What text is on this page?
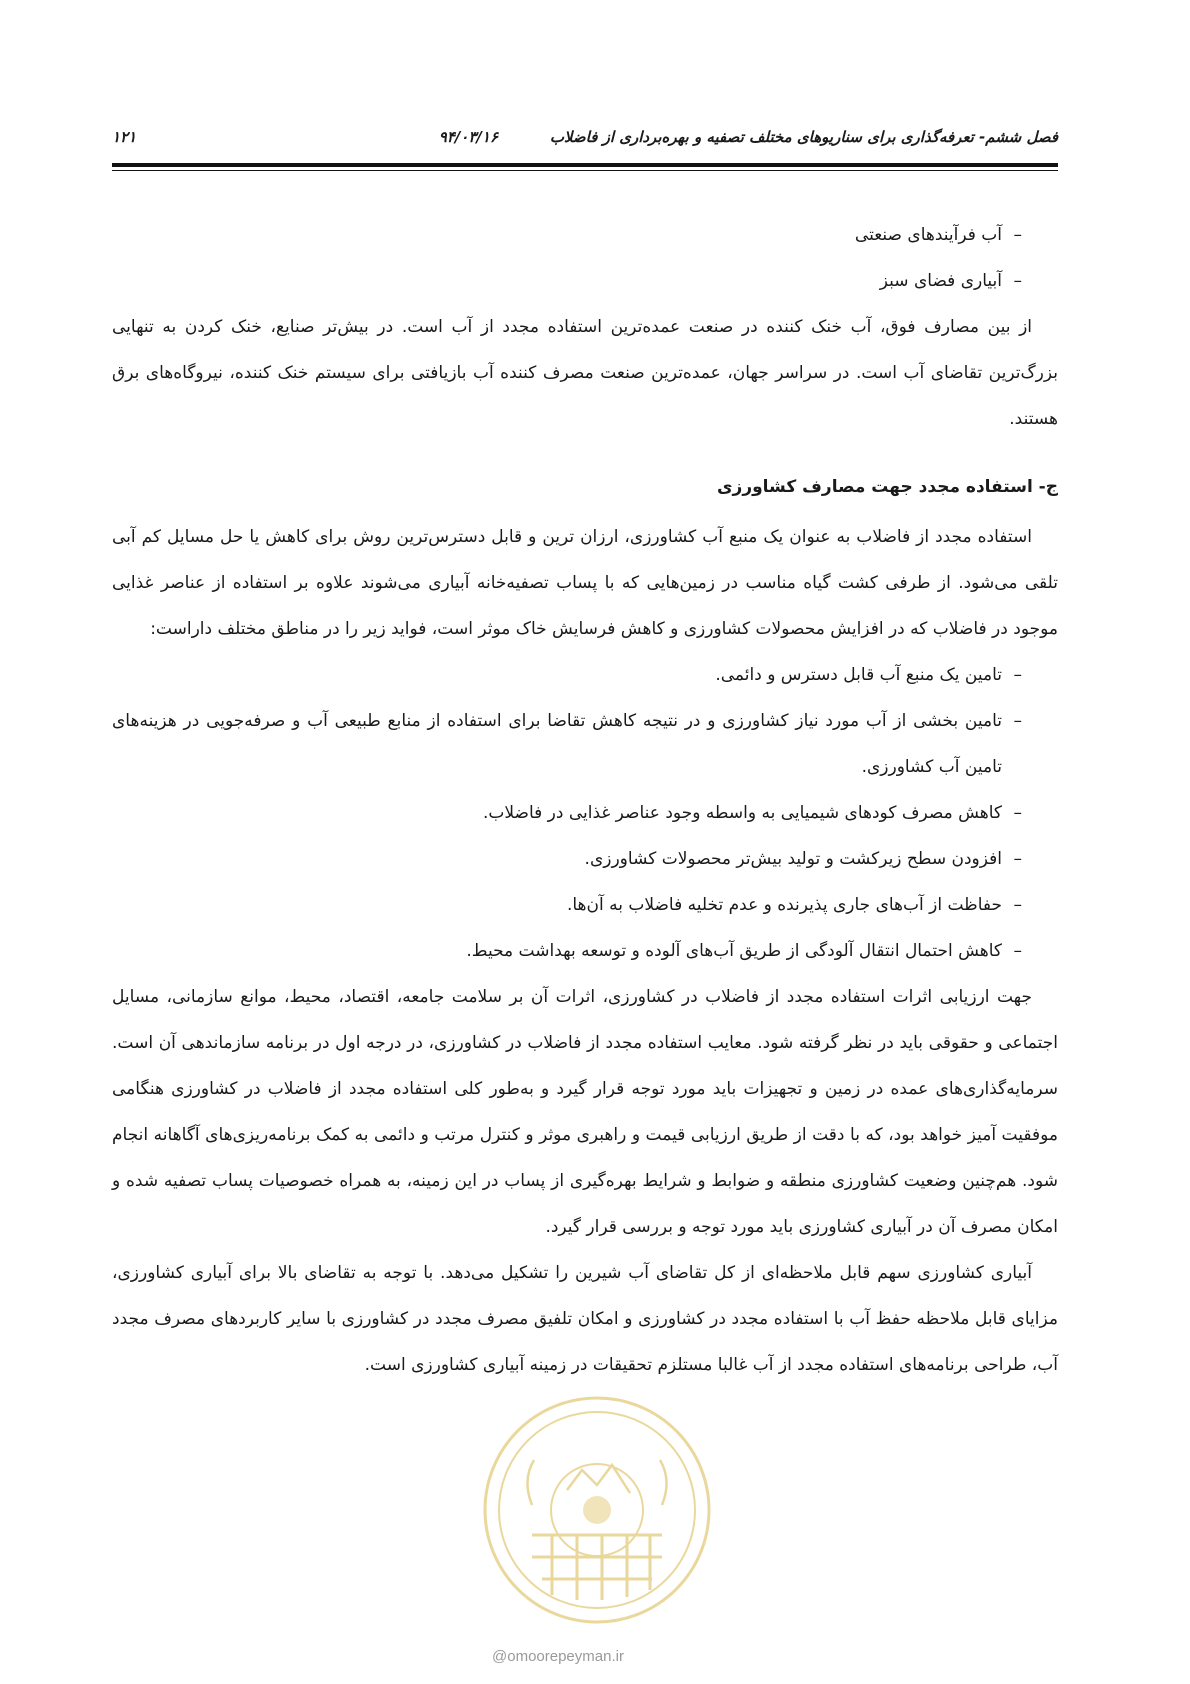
فصل ششم- تعرفه‌گذاری برای سناریوهای مختلف تصفیه و بهره‌برداری از فاضلاب
۹۴/۰۳/۱۶
۱۲۱
– آب فرآیندهای صنعتی
– آبیاری فضای سبز

از بین مصارف فوق، آب خنک کننده در صنعت عمده‌ترین استفاده مجدد از آب است. در بیش‌تر صنایع، خنک کردن به تنهایی بزرگ‌ترین تقاضای آب است. در سراسر جهان، عمده‌ترین صنعت مصرف کننده آب بازیافتی برای سیستم خنک کننده، نیروگاه‌های برق هستند.

ج- استفاده مجدد جهت مصارف کشاورزی

استفاده مجدد از فاضلاب به عنوان یک منبع آب کشاورزی، ارزان ترین و قابل دسترس‌ترین روش برای کاهش یا حل مسایل کم آبی تلقی می‌شود. از طرفی کشت گیاه مناسب در زمین‌هایی که با پساب تصفیه‌خانه آبیاری می‌شوند علاوه بر استفاده از عناصر غذایی موجود در فاضلاب که در افزایش محصولات کشاورزی و کاهش فرسایش خاک موثر است، فواید زیر را در مناطق مختلف داراست:

– تامین یک منبع آب قابل دسترس و دائمی.
– تامین بخشی از آب مورد نیاز کشاورزی و در نتیجه کاهش تقاضا برای استفاده از منابع طبیعی آب و صرفه‌جویی در هزینه‌های تامین آب کشاورزی.
– کاهش مصرف کودهای شیمیایی به واسطه وجود عناصر غذایی در فاضلاب.
– افزودن سطح زیرکشت و تولید بیش‌تر محصولات کشاورزی.
– حفاظت از آب‌های جاری پذیرنده و عدم تخلیه فاضلاب به آن‌ها.
– کاهش احتمال انتقال آلودگی از طریق آب‌های آلوده و توسعه بهداشت محیط.

جهت ارزیابی اثرات استفاده مجدد از فاضلاب در کشاورزی، اثرات آن بر سلامت جامعه، اقتصاد، محیط، موانع سازمانی، مسایل اجتماعی و حقوقی باید در نظر گرفته شود. معایب استفاده مجدد از فاضلاب در کشاورزی، در درجه اول در برنامه سازماندهی آن است. سرمایه‌گذاری‌های عمده در زمین و تجهیزات باید مورد توجه قرار گیرد و به‌طور کلی استفاده مجدد از فاضلاب در کشاورزی هنگامی موفقیت آمیز خواهد بود، که با دقت از طریق ارزیابی قیمت و راهبری موثر و کنترل مرتب و دائمی به کمک برنامه‌ریزی‌های آگاهانه انجام شود. هم‌چنین وضعیت کشاورزی منطقه و ضوابط و شرایط بهره‌گیری از پساب در این زمینه، به همراه خصوصیات پساب تصفیه شده و امکان مصرف آن در آبیاری کشاورزی باید مورد توجه و بررسی قرار گیرد.

آبیاری کشاورزی سهم قابل ملاحظه‌ای از کل تقاضای آب شیرین را تشکیل می‌دهد. با توجه به تقاضای بالا برای آبیاری کشاورزی، مزایای قابل ملاحظه حفظ آب با استفاده مجدد در کشاورزی و امکان تلفیق مصرف مجدد در کشاورزی با سایر کاربردهای مصرف مجدد آب، طراحی برنامه‌های استفاده مجدد از آب غالبا مستلزم تحقیقات در زمینه آبیاری کشاورزی است.

@omoorepeyman.ir
